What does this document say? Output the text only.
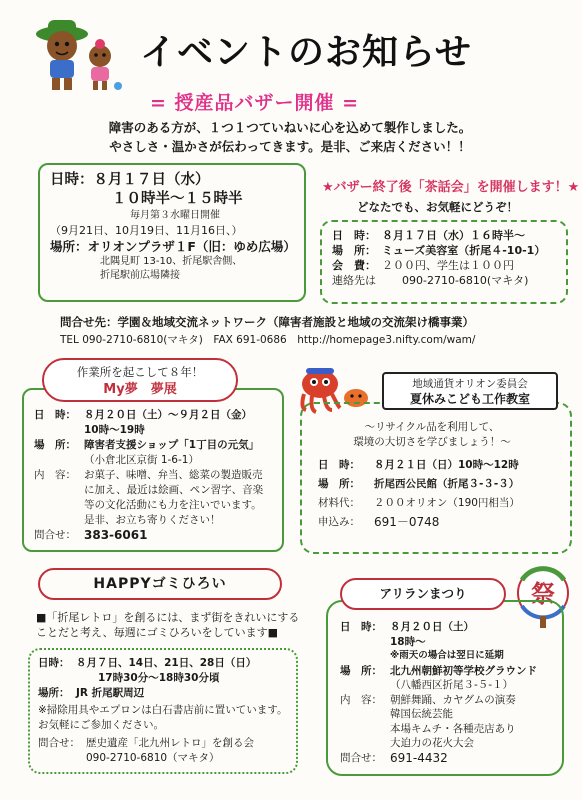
イベントのお知らせ
= 授産品バザー開催 =
障害のある方が、１つ１つていねいに心を込めて製作しました。
やさしさ・温かさが伝わってきます。是非、ご来店ください！！
日時：８月１７日（水）
１０時半～１５時半
毎月第３水曜日開催
（9月21日、10月19日、11月16日、）
場所：オリオンプラザ１F（旧：ゆめ広場）
北隅見町 13-10、折尾駅舎側、
折尾駅前広場隣接
★バザー終了後「茶話会」を開催します！★
どなたでも、お気軽にどうぞ！
日　時： ８月１７日（水）１６時半～
場　所： ミューズ美容室（折尾４-10-1）
会　費： ２００円、学生は１００円
連絡先は	090-2710-6810(マキタ)
問合せ先：学園＆地域交流ネットワーク（障害者施設と地域の交流架け橋事業）
TEL 090-2710-6810(マキタ)　FAX 691-0686　http://homepage3.nifty.com/wam/
作業所を起こして８年！
My夢　夢展
日　時： ８月２０日（土）～９月２日（金）
10時～19時
場　所： 障害者支援ショップ「1丁目の元気」
（小倉北区京街 1-6-1）
内　容： お菓子、味噌、弁当、総菜の製造販売に加え、最近は絵画、ペン習字、音楽等の文化活動にも力を注いでいます。
是非、お立ち寄りください！
問合せ： 383-6061
地域通貨オリオン委員会
夏休みこども工作教室
～リサイクル品を利用して、
環境の大切さを学びましょう！～
日　時：	８月２１日（日）10時～12時
場　所：	折尾西公民館（折尾３-３-３）
材料代：	２００オリオン（190円相当）
申込み：	691－0748
HAPPYゴミひろい
■「折尾レトロ」を創るには、まず街をきれいにすることだと考え、毎週にゴミひろいをしています■
日時： ８月７日、14日、21日、28日（日）
17時30分～18時30分頃
場所： JR 折尾駅周辺
※掃除用具やエプロンは白石書店前に置いています。お気軽にご参加ください。
問合せ： 歴史遺産「北九州レトロ」を創る会
090-2710-6810（マキタ）
アリランまつり	祭
日　時： ８月２０日（土）
18時～
※雨天の場合は翌日に延期
場　所： 北九州朝鮮初等学校グラウンド
（八幡西区折尾３-５-１）
内　容： 朝鮮舞踊、カヤグムの演奏
韓国伝統芸能
本場キムチ・各種売店あり
大迫力の花火大会
問合せ： 691-4432
